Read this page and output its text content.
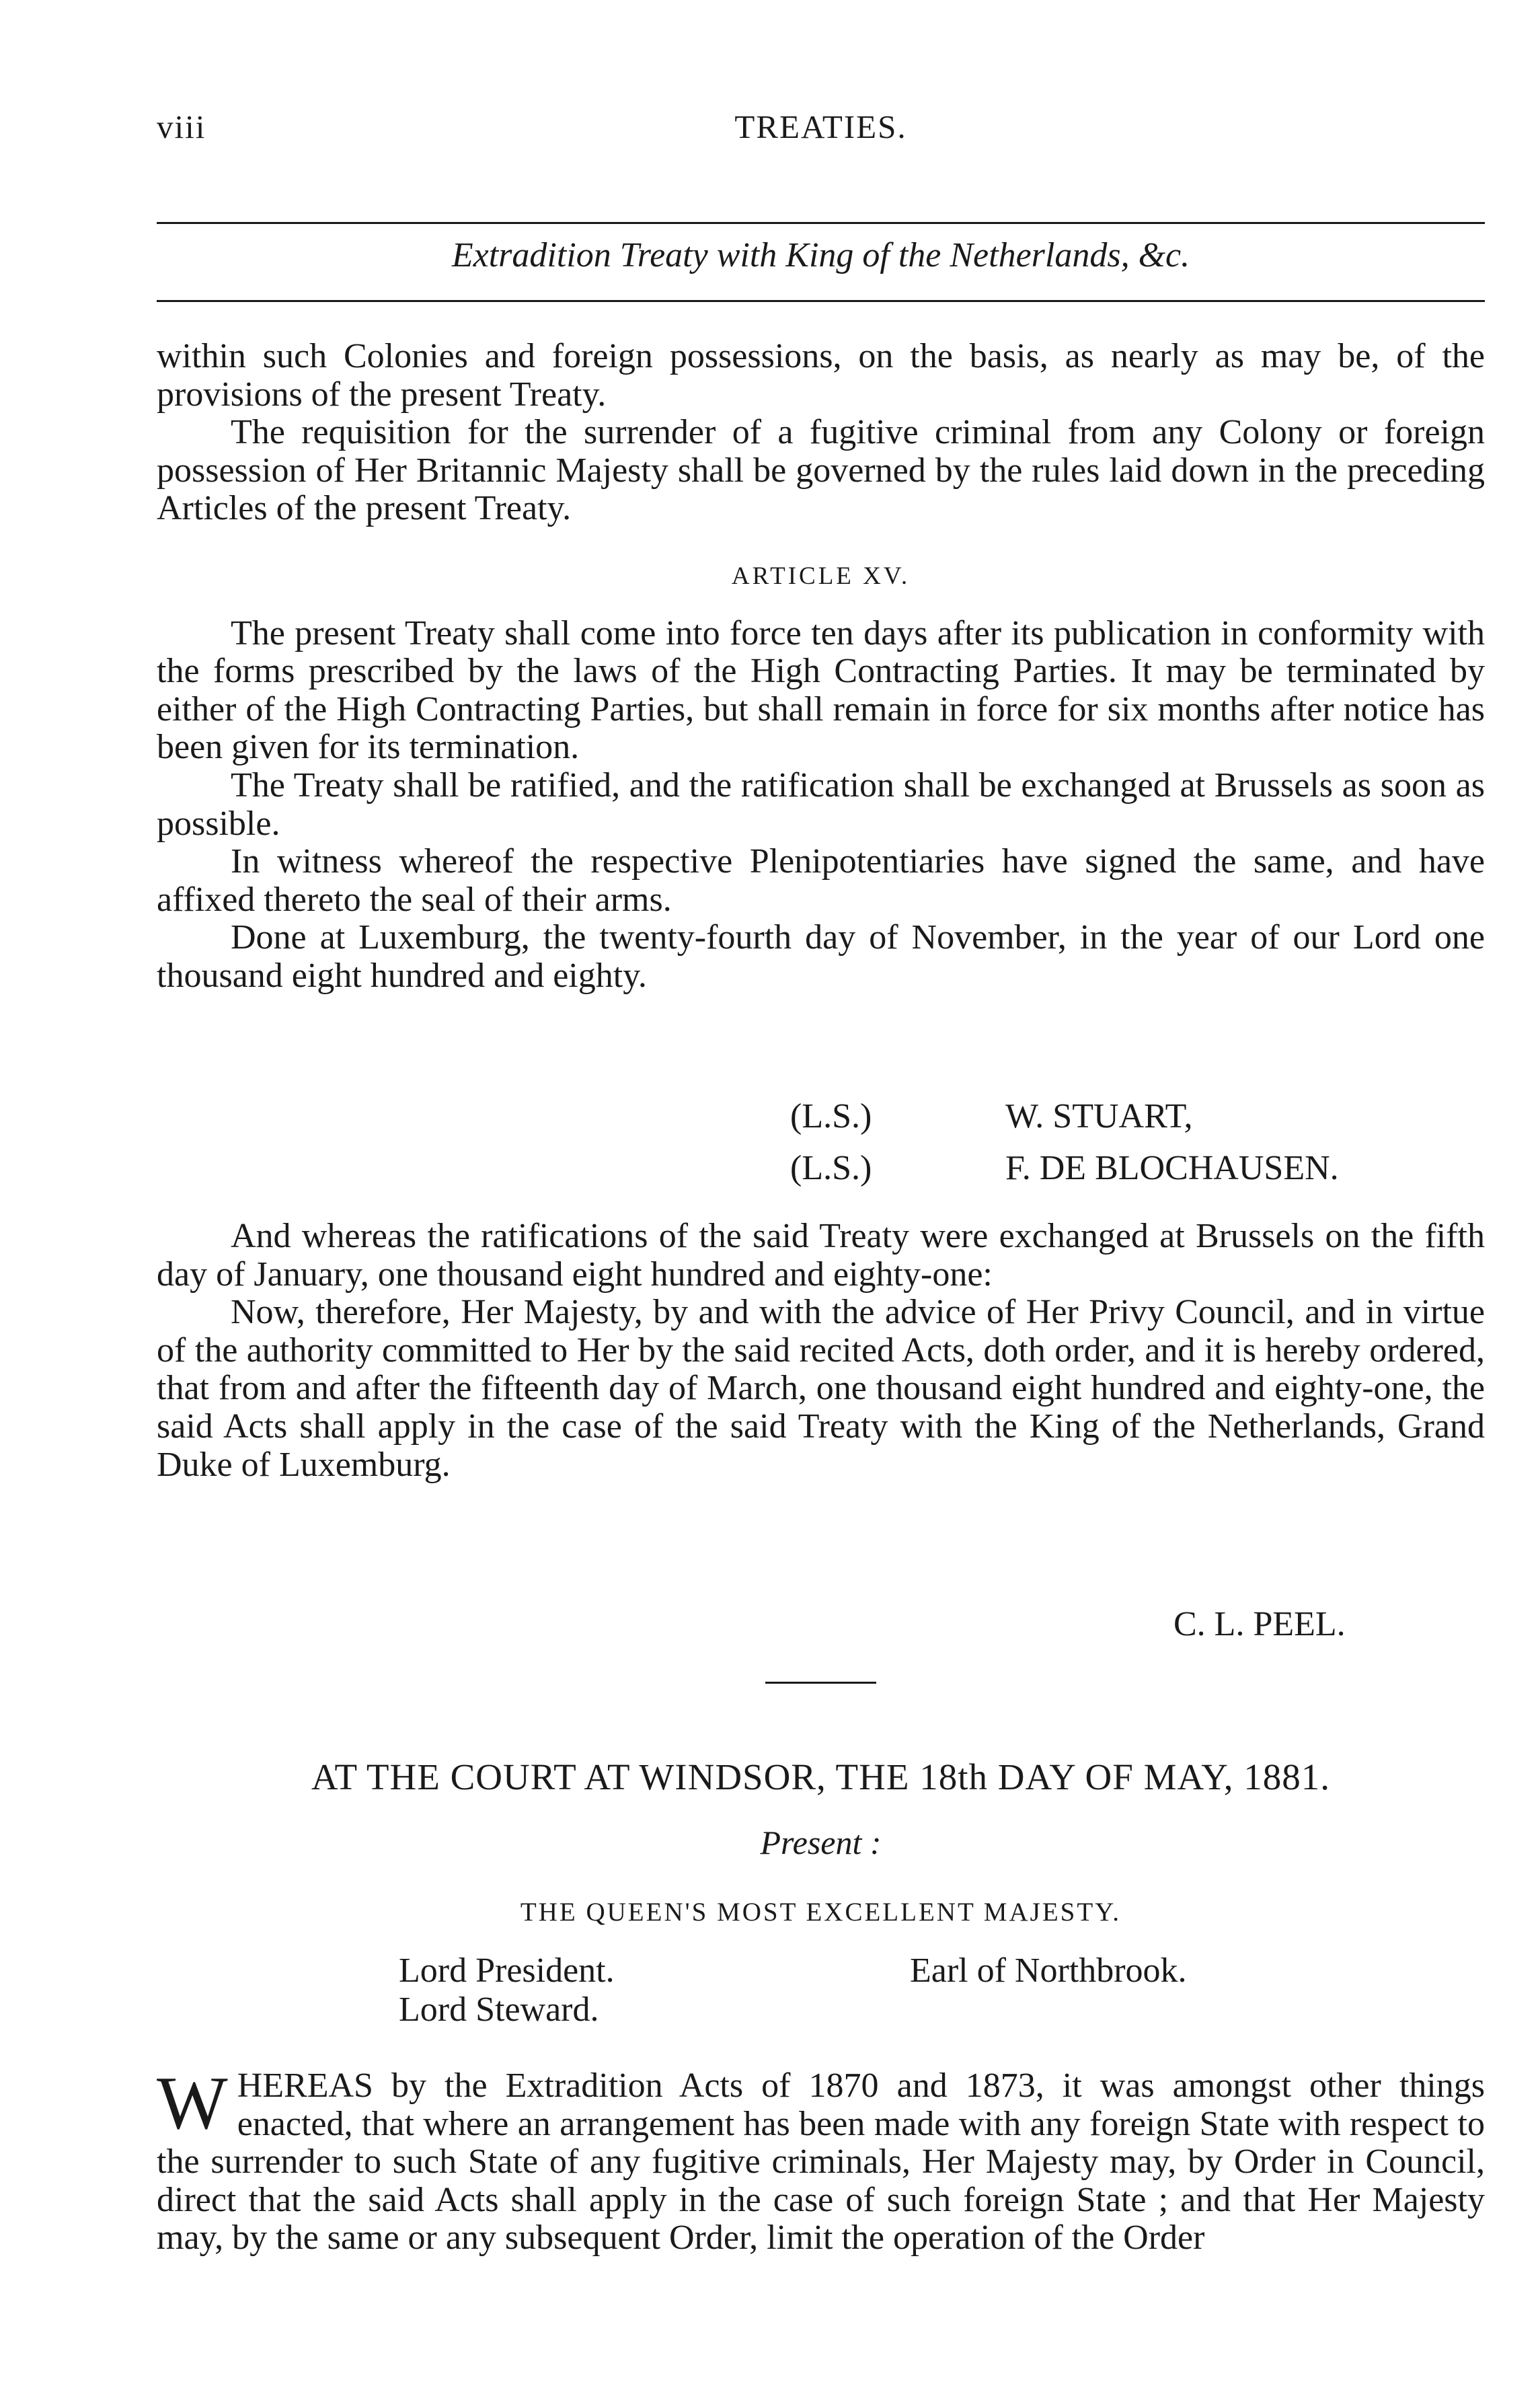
viii	TREATIES.
Extradition Treaty with King of the Netherlands, &c.

within such Colonies and foreign possessions, on the basis, as nearly as may be, of the provisions of the present Treaty.

The requisition for the surrender of a fugitive criminal from any Colony or foreign possession of Her Britannic Majesty shall be governed by the rules laid down in the preceding Articles of the present Treaty.

ARTICLE XV.

The present Treaty shall come into force ten days after its publication in conformity with the forms prescribed by the laws of the High Contracting Parties. It may be terminated by either of the High Contracting Parties, but shall remain in force for six months after notice has been given for its termination.

The Treaty shall be ratified, and the ratification shall be exchanged at Brussels as soon as possible.

In witness whereof the respective Plenipotentiaries have signed the same, and have affixed thereto the seal of their arms.

Done at Luxemburg, the twenty-fourth day of November, in the year of our Lord one thousand eight hundred and eighty.

(L.S.)	W. STUART,
(L.S.)	F. DE BLOCHAUSEN.

And whereas the ratifications of the said Treaty were exchanged at Brussels on the fifth day of January, one thousand eight hundred and eighty-one:

Now, therefore, Her Majesty, by and with the advice of Her Privy Council, and in virtue of the authority committed to Her by the said recited Acts, doth order, and it is hereby ordered, that from and after the fifteenth day of March, one thousand eight hundred and eighty-one, the said Acts shall apply in the case of the said Treaty with the King of the Netherlands, Grand Duke of Luxemburg.

C. L. PEEL.
AT THE COURT AT WINDSOR, THE 18th DAY OF MAY, 1881.
Present :
THE QUEEN'S MOST EXCELLENT MAJESTY.
Lord President.	Earl of Northbrook.
Lord Steward.

W HEREAS by the Extradition Acts of 1870 and 1873, it was amongst other things enacted, that where an arrangement has been made with any foreign State with respect to the surrender to such State of any fugitive criminals, Her Majesty may, by Order in Council, direct that the said Acts shall apply in the case of such foreign State ; and that Her Majesty may, by the same or any subsequent Order, limit the operation of the Order
